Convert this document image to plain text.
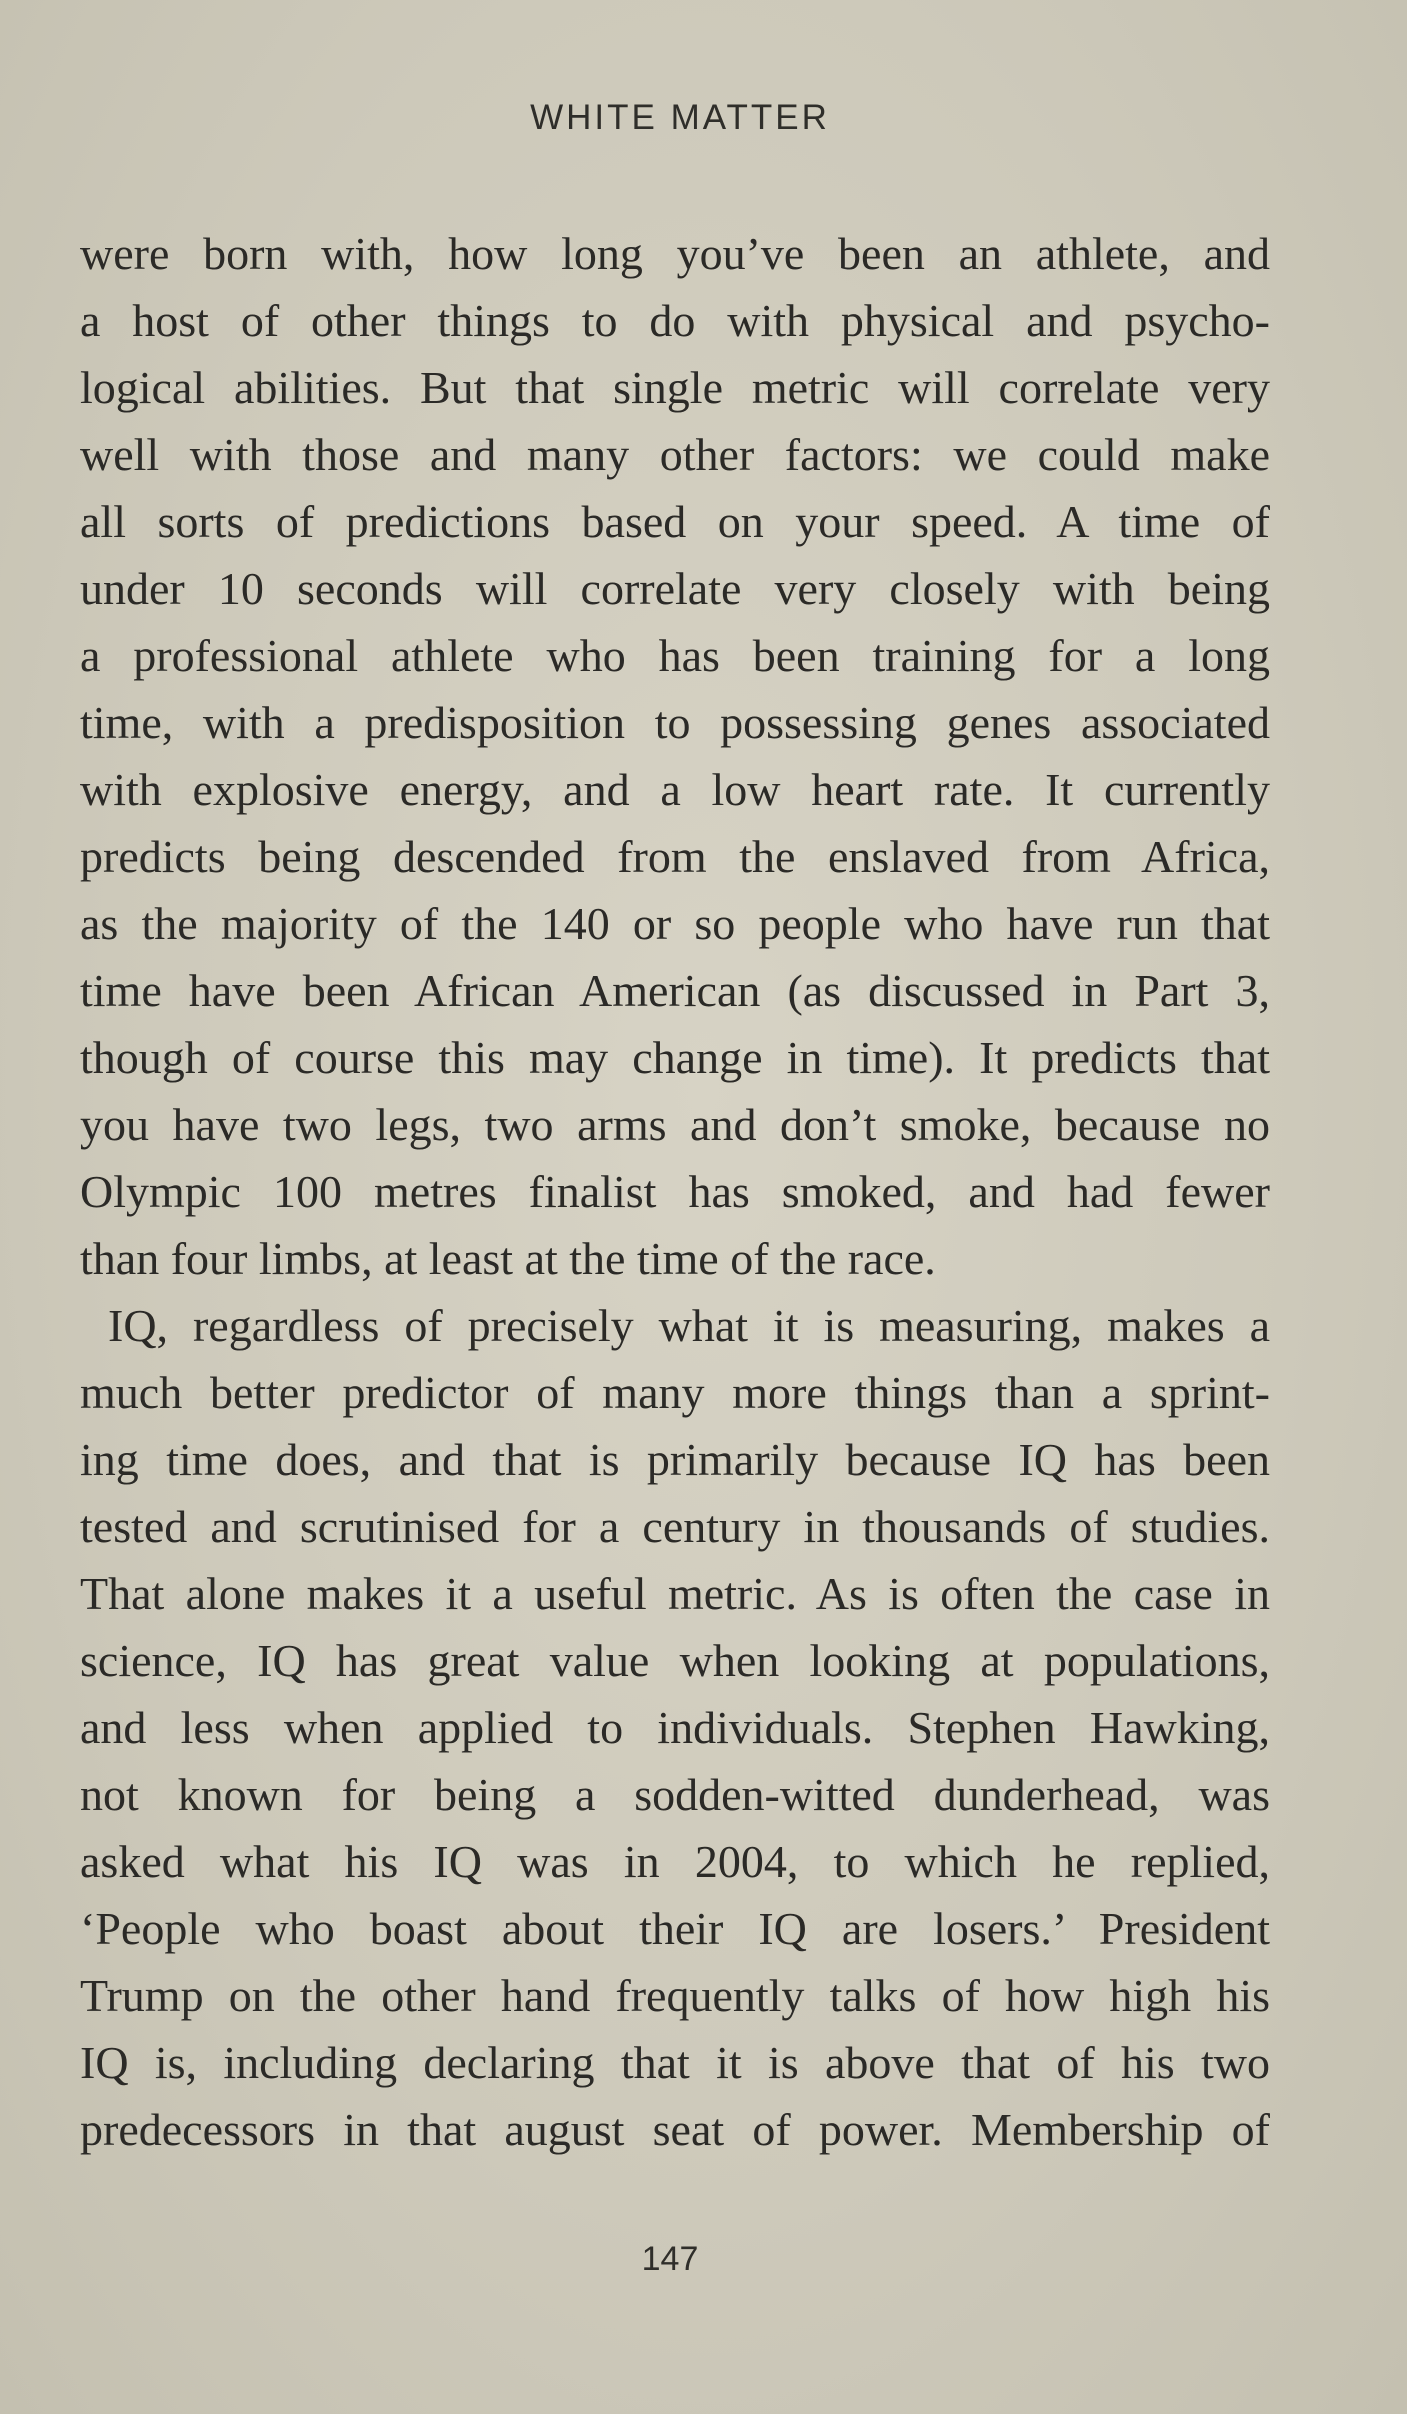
WHITE MATTER
were born with, how long you’ve been an athlete, and
a host of other things to do with physical and psycho-
logical abilities. But that single metric will correlate very
well with those and many other factors: we could make
all sorts of predictions based on your speed. A time of
under 10 seconds will correlate very closely with being
a professional athlete who has been training for a long
time, with a predisposition to possessing genes associated
with explosive energy, and a low heart rate. It currently
predicts being descended from the enslaved from Africa,
as the majority of the 140 or so people who have run that
time have been African American (as discussed in Part 3,
though of course this may change in time). It predicts that
you have two legs, two arms and don’t smoke, because no
Olympic 100 metres finalist has smoked, and had fewer
than four limbs, at least at the time of the race.
IQ, regardless of precisely what it is measuring, makes a
much better predictor of many more things than a sprint-
ing time does, and that is primarily because IQ has been
tested and scrutinised for a century in thousands of studies.
That alone makes it a useful metric. As is often the case in
science, IQ has great value when looking at populations,
and less when applied to individuals. Stephen Hawking,
not known for being a sodden-witted dunderhead, was
asked what his IQ was in 2004, to which he replied,
‘People who boast about their IQ are losers.’ President
Trump on the other hand frequently talks of how high his
IQ is, including declaring that it is above that of his two
predecessors in that august seat of power. Membership of
147
